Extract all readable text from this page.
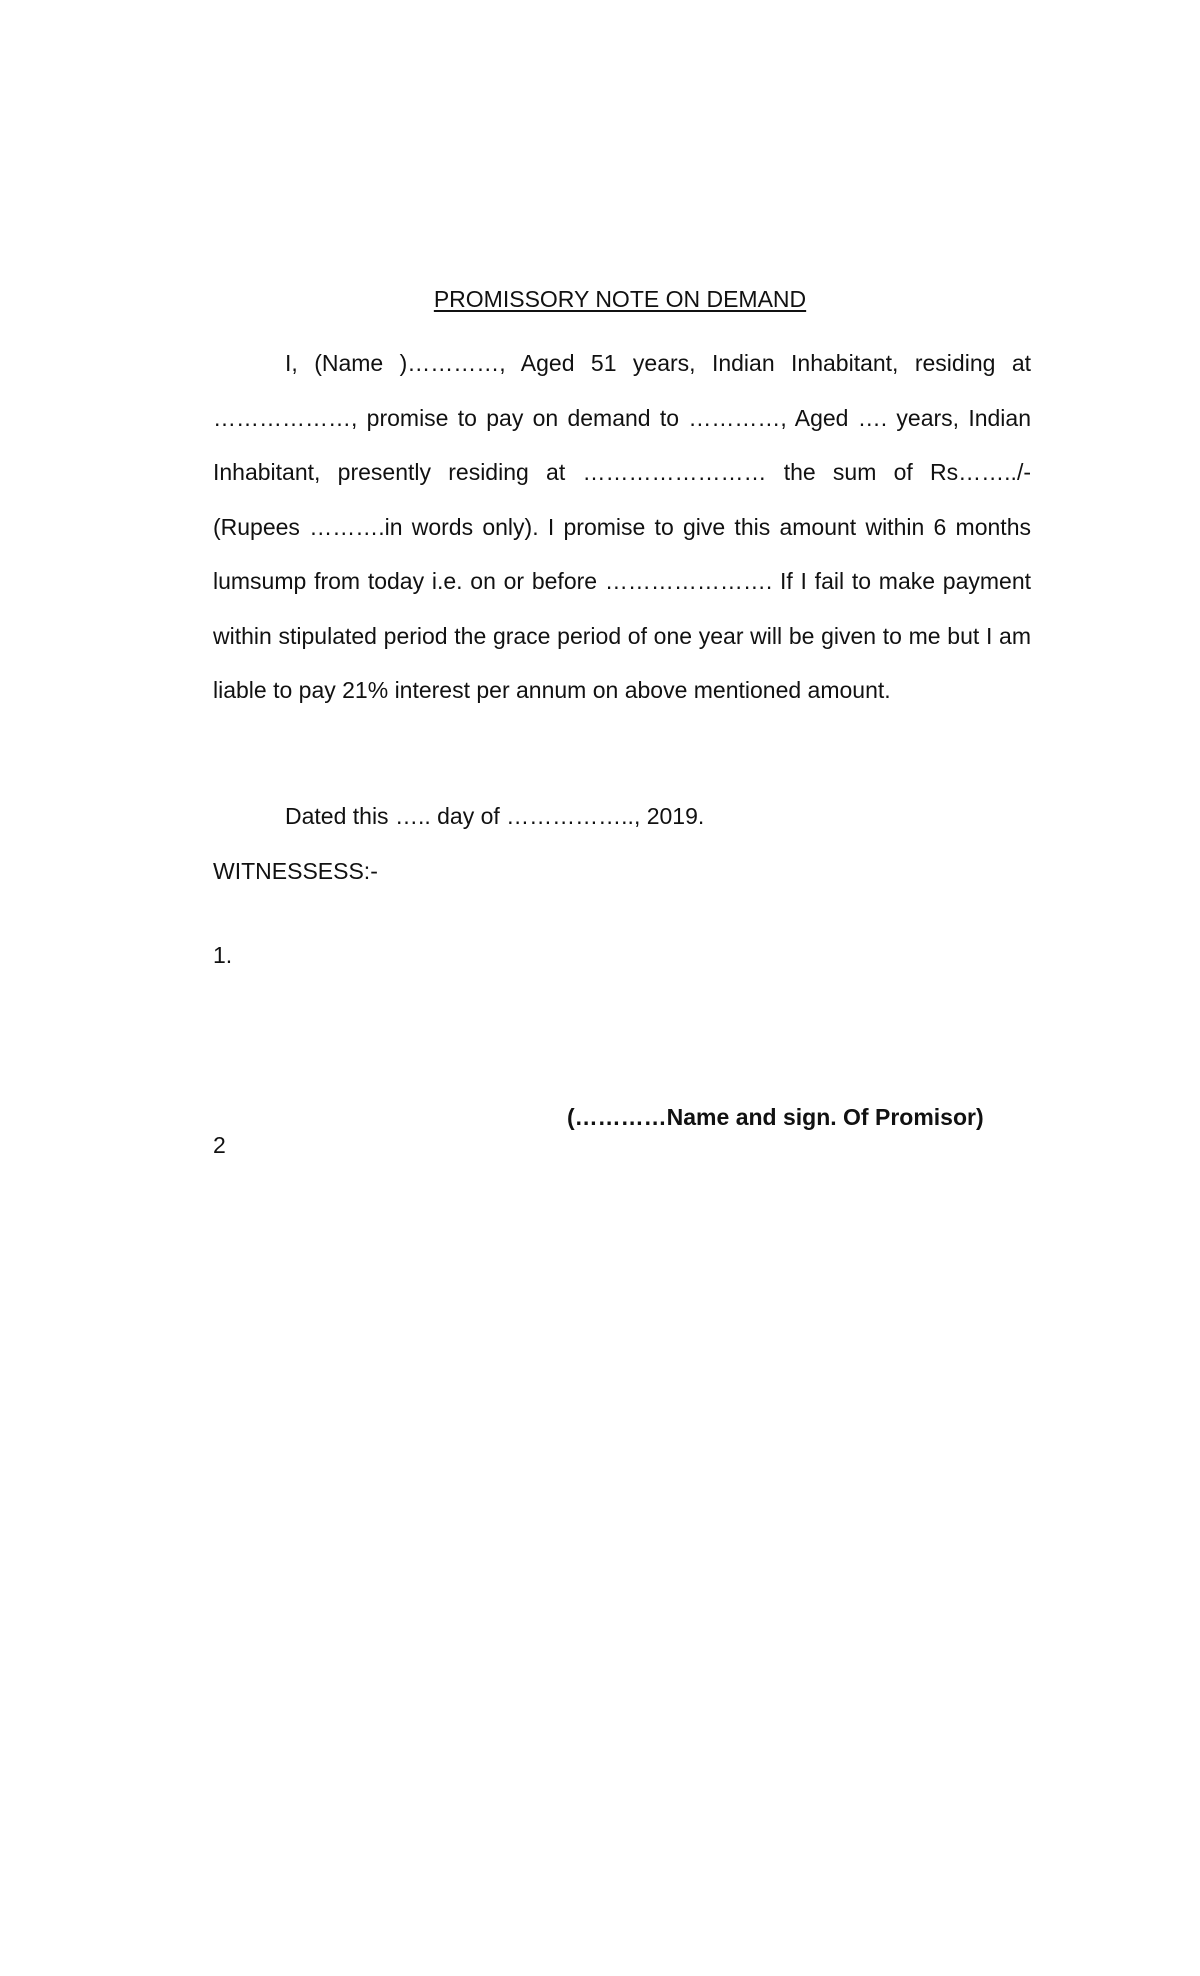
PROMISSORY NOTE ON DEMAND

I, (Name )…………, Aged 51 years, Indian Inhabitant, residing at ………………, promise to pay on demand to …………, Aged …. years, Indian Inhabitant, presently residing at …………………… the sum of Rs……../- (Rupees ……….in words only). I promise to give this amount within 6 months lumsump from today i.e. on or before …………………. If I fail to make payment within stipulated period the grace period of one year will be given to me but I am liable to pay 21% interest per annum on above mentioned amount.

Dated this ….. day of …………….., 2019.
WITNESSESS:-
1.
(…………Name and sign. Of Promisor)
2
